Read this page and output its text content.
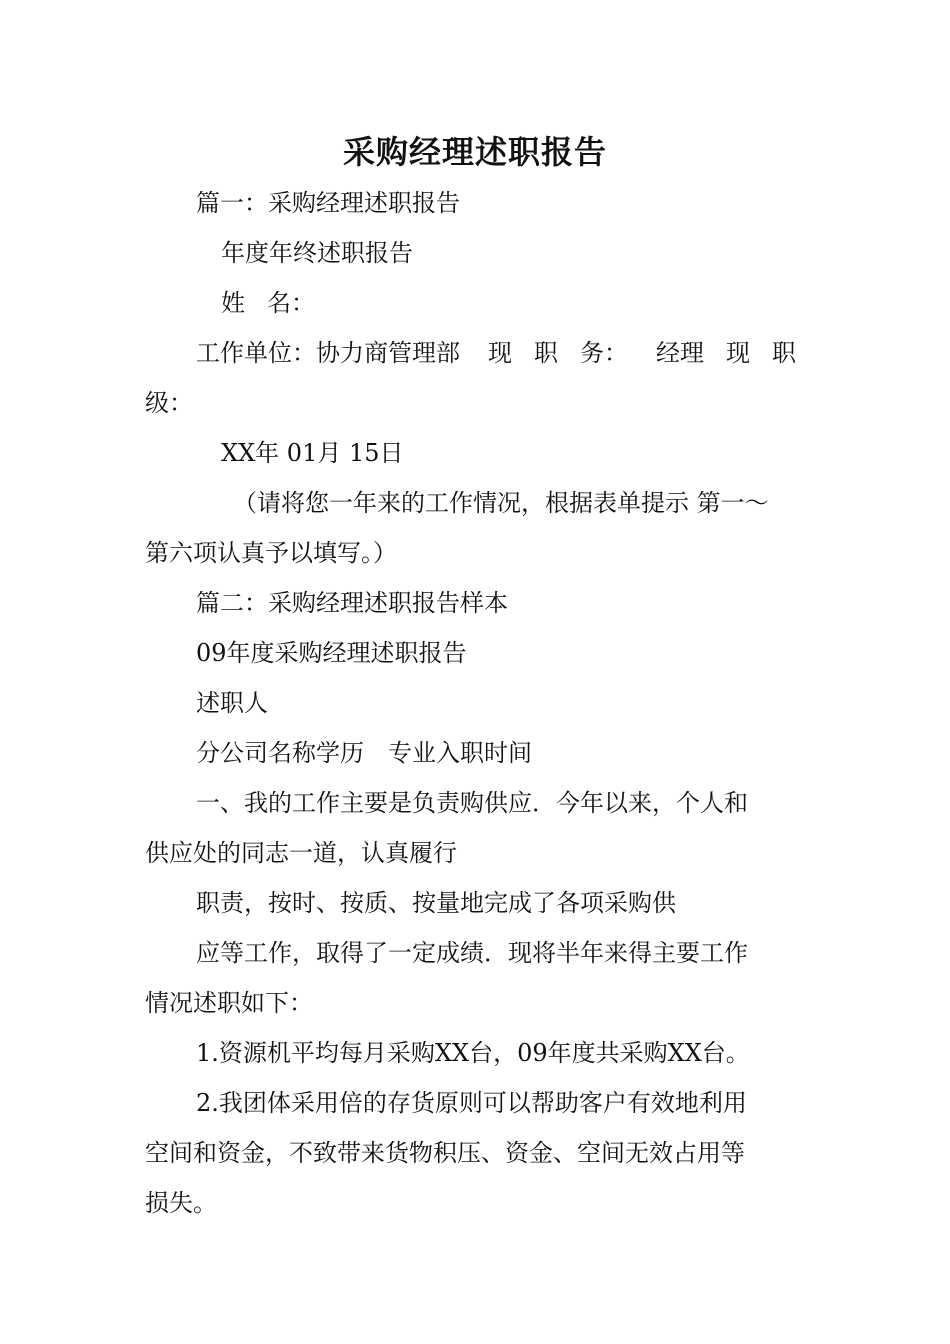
采购经理述职报告

篇一：采购经理述职报告

年度年终述职报告

姓 名：

工作单位：协力商管理部 现 职 务： 经理 现 职

级：

XX年 01月 15日

（请将您一年来的工作情况，根据表单提示 第一～

第六项认真予以填写。）

篇二：采购经理述职报告样本

09年度采购经理述职报告

述职人

分公司名称学历　专业入职时间

一、我的工作主要是负责购供应．今年以来，个人和

供应处的同志一道，认真履行

职责，按时、按质、按量地完成了各项采购供

应等工作，取得了一定成绩．现将半年来得主要工作

情况述职如下：

1.资源机平均每月采购XX台，09年度共采购XX台。

2.我团体采用倍的存货原则可以帮助客户有效地利用

空间和资金，不致带来货物积压、资金、空间无效占用等

损失。
